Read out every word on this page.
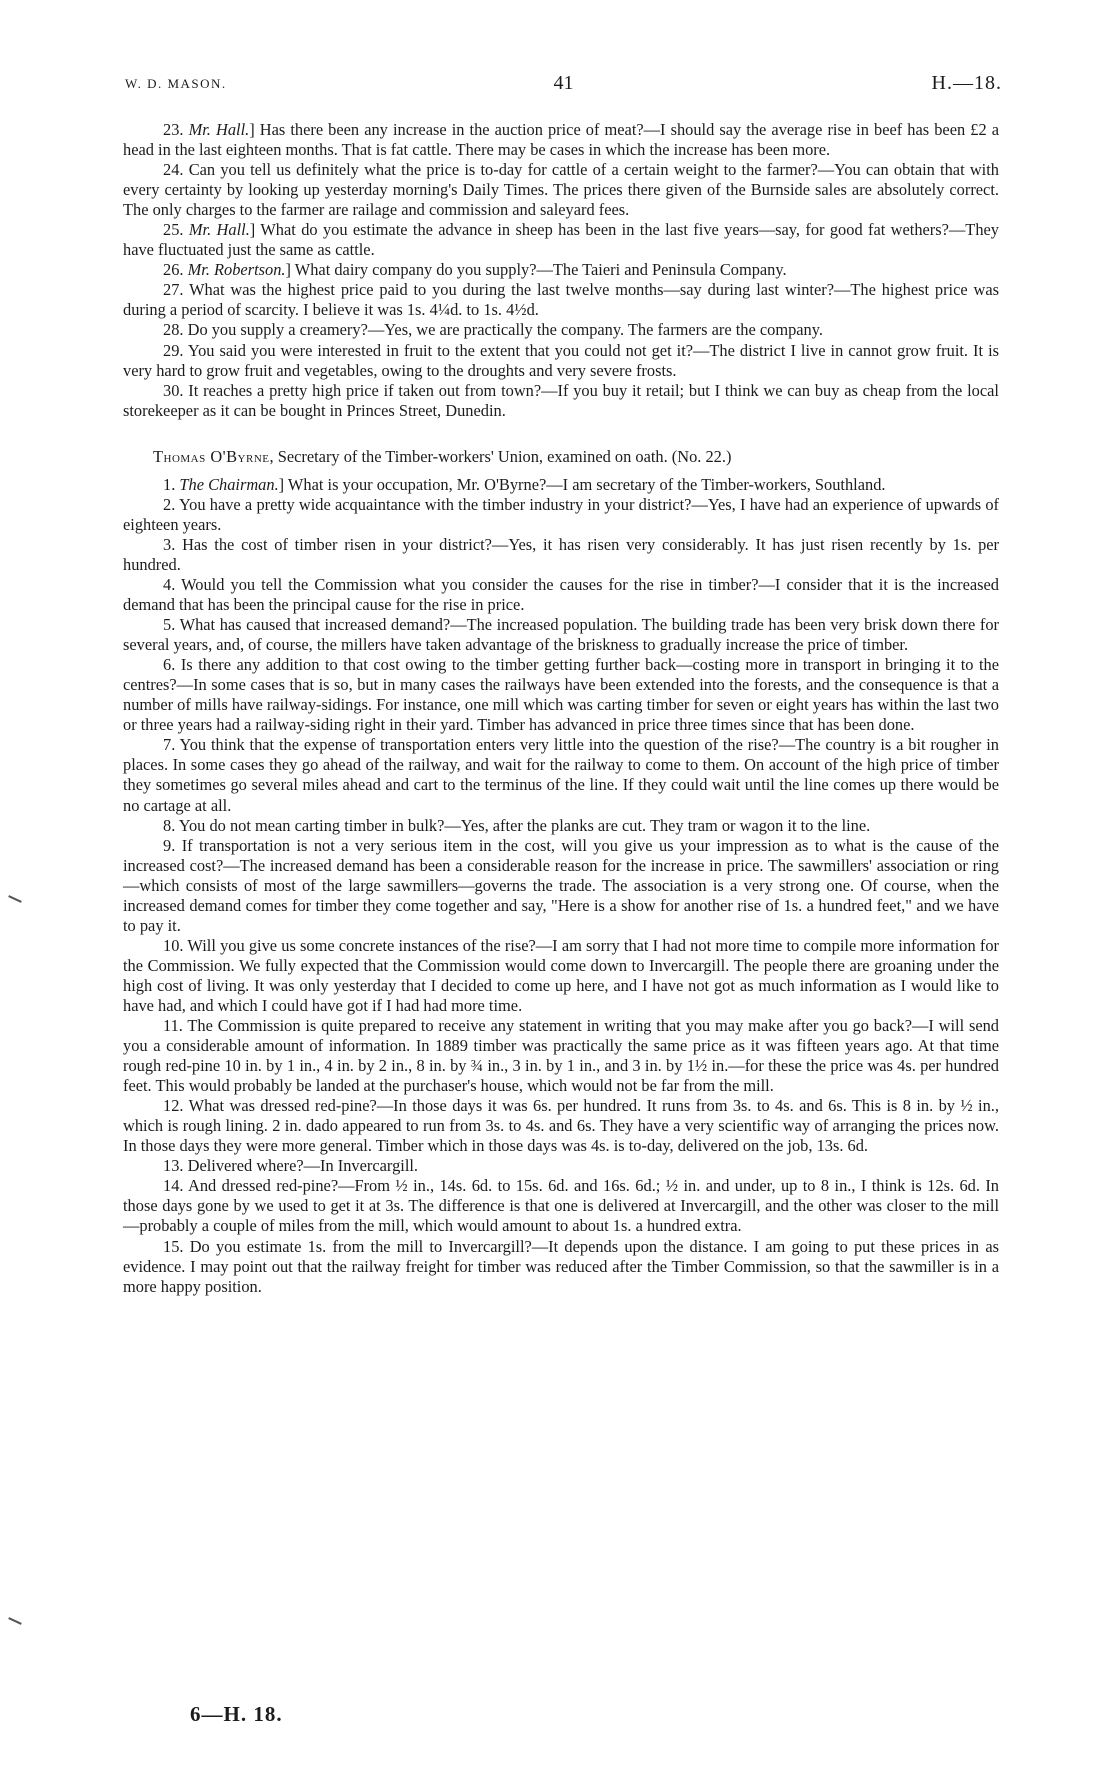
W. D. MASON.	41	H.—18.

23. Mr. Hall.] Has there been any increase in the auction price of meat?—I should say the average rise in beef has been £2 a head in the last eighteen months. That is fat cattle. There may be cases in which the increase has been more.

24. Can you tell us definitely what the price is to-day for cattle of a certain weight to the farmer?—You can obtain that with every certainty by looking up yesterday morning's Daily Times. The prices there given of the Burnside sales are absolutely correct. The only charges to the farmer are railage and commission and saleyard fees.

25. Mr. Hall.] What do you estimate the advance in sheep has been in the last five years—say, for good fat wethers?—They have fluctuated just the same as cattle.

26. Mr. Robertson.] What dairy company do you supply?—The Taieri and Peninsula Company.

27. What was the highest price paid to you during the last twelve months—say during last winter?—The highest price was during a period of scarcity. I believe it was 1s. 4¼d. to 1s. 4½d.

28. Do you supply a creamery?—Yes, we are practically the company. The farmers are the company.

29. You said you were interested in fruit to the extent that you could not get it?—The district I live in cannot grow fruit. It is very hard to grow fruit and vegetables, owing to the droughts and very severe frosts.

30. It reaches a pretty high price if taken out from town?—If you buy it retail; but I think we can buy as cheap from the local storekeeper as it can be bought in Princes Street, Dunedin.

Thomas O'Byrne, Secretary of the Timber-workers' Union, examined on oath. (No. 22.)

1. The Chairman.] What is your occupation, Mr. O'Byrne?—I am secretary of the Timber-workers, Southland.

2. You have a pretty wide acquaintance with the timber industry in your district?—Yes, I have had an experience of upwards of eighteen years.

3. Has the cost of timber risen in your district?—Yes, it has risen very considerably. It has just risen recently by 1s. per hundred.

4. Would you tell the Commission what you consider the causes for the rise in timber?—I consider that it is the increased demand that has been the principal cause for the rise in price.

5. What has caused that increased demand?—The increased population. The building trade has been very brisk down there for several years, and, of course, the millers have taken advantage of the briskness to gradually increase the price of timber.

6. Is there any addition to that cost owing to the timber getting further back—costing more in transport in bringing it to the centres?—In some cases that is so, but in many cases the railways have been extended into the forests, and the consequence is that a number of mills have railway-sidings. For instance, one mill which was carting timber for seven or eight years has within the last two or three years had a railway-siding right in their yard. Timber has advanced in price three times since that has been done.

7. You think that the expense of transportation enters very little into the question of the rise?—The country is a bit rougher in places. In some cases they go ahead of the railway, and wait for the railway to come to them. On account of the high price of timber they sometimes go several miles ahead and cart to the terminus of the line. If they could wait until the line comes up there would be no cartage at all.

8. You do not mean carting timber in bulk?—Yes, after the planks are cut. They tram or wagon it to the line.

9. If transportation is not a very serious item in the cost, will you give us your impression as to what is the cause of the increased cost?—The increased demand has been a considerable reason for the increase in price. The sawmillers' association or ring—which consists of most of the large sawmillers—governs the trade. The association is a very strong one. Of course, when the increased demand comes for timber they come together and say, "Here is a show for another rise of 1s. a hundred feet," and we have to pay it.

10. Will you give us some concrete instances of the rise?—I am sorry that I had not more time to compile more information for the Commission. We fully expected that the Commission would come down to Invercargill. The people there are groaning under the high cost of living. It was only yesterday that I decided to come up here, and I have not got as much information as I would like to have had, and which I could have got if I had had more time.

11. The Commission is quite prepared to receive any statement in writing that you may make after you go back?—I will send you a considerable amount of information. In 1889 timber was practically the same price as it was fifteen years ago. At that time rough red-pine 10 in. by 1 in., 4 in. by 2 in., 8 in. by ¾ in., 3 in. by 1 in., and 3 in. by 1½ in.—for these the price was 4s. per hundred feet. This would probably be landed at the purchaser's house, which would not be far from the mill.

12. What was dressed red-pine?—In those days it was 6s. per hundred. It runs from 3s. to 4s. and 6s. This is 8 in. by ½ in., which is rough lining. 2 in. dado appeared to run from 3s. to 4s. and 6s. They have a very scientific way of arranging the prices now. In those days they were more general. Timber which in those days was 4s. is to-day, delivered on the job, 13s. 6d.

13. Delivered where?—In Invercargill.

14. And dressed red-pine?—From ½ in., 14s. 6d. to 15s. 6d. and 16s. 6d.; ½ in. and under, up to 8 in., I think is 12s. 6d. In those days gone by we used to get it at 3s. The difference is that one is delivered at Invercargill, and the other was closer to the mill—probably a couple of miles from the mill, which would amount to about 1s. a hundred extra.

15. Do you estimate 1s. from the mill to Invercargill?—It depends upon the distance. I am going to put these prices in as evidence. I may point out that the railway freight for timber was reduced after the Timber Commission, so that the sawmiller is in a more happy position.

6—H. 18.
